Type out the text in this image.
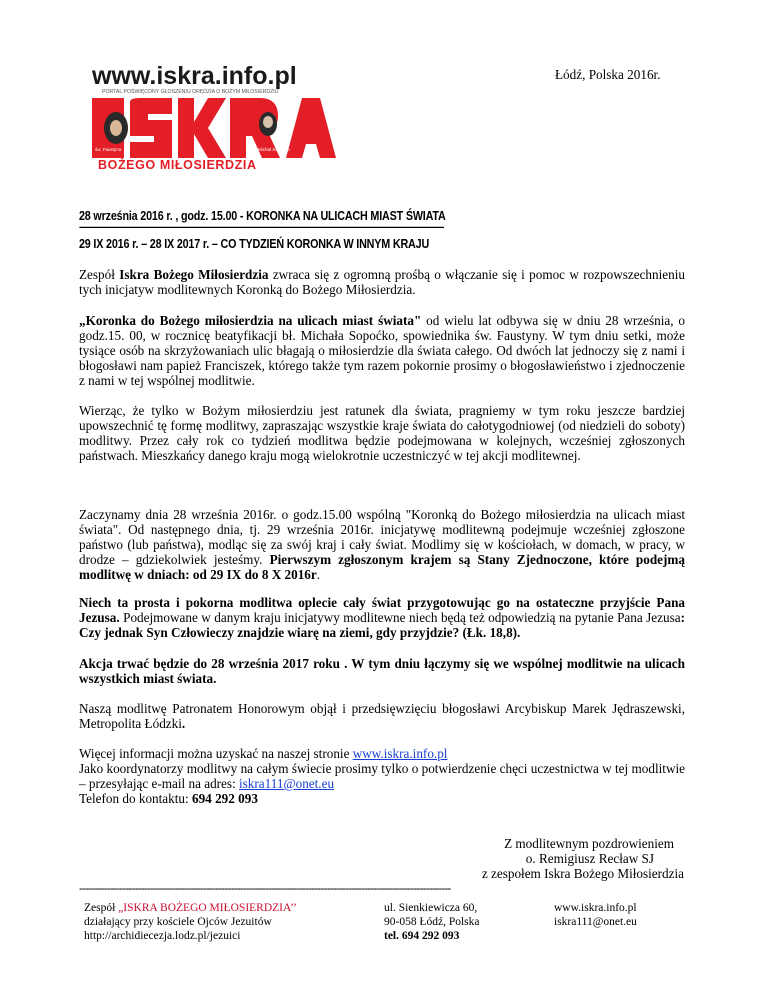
Łódź, Polska 2016r.
www.iskra.info.pl
PORTAL POŚWIĘCONY GŁOSZENIU ORĘDZIA O BOŻYM MIŁOSIERDZIU
św. Faustyna	bł. Michał Sopoćko
BOŻEGO MIŁOSIERDZIA
28 września 2016 r. , godz. 15.00 - KORONKA NA ULICACH MIAST ŚWIATA
---------------------------------------------------------------------------------------------------------------------------------------------------------------------------
29 IX 2016 r. – 28 IX 2017 r. – CO TYDZIEŃ KORONKA W INNYM KRAJU

Zespół Iskra Bożego Miłosierdzia zwraca się z ogromną prośbą o włączanie się i pomoc w rozpowszechnieniu tych inicjatyw modlitewnych Koronką do Bożego Miłosierdzia.

„Koronka do Bożego miłosierdzia na ulicach miast świata" od wielu lat odbywa się w dniu 28 września, o godz.15. 00, w rocznicę beatyfikacji bł. Michała Sopoćko, spowiednika św. Faustyny. W tym dniu setki, może tysiące osób na skrzyżowaniach ulic błagają o miłosierdzie dla świata całego. Od dwóch lat jednoczy się z nami i błogosławi nam papież Franciszek, którego także tym razem pokornie prosimy o błogosławieństwo i zjednoczenie z nami w tej wspólnej modlitwie.

Wierząc, że tylko w Bożym miłosierdziu jest ratunek dla świata, pragniemy w tym roku jeszcze bardziej upowszechnić tę formę modlitwy, zapraszając wszystkie kraje świata do całotygodniowej (od niedzieli do soboty) modlitwy. Przez cały rok co tydzień modlitwa będzie podejmowana w kolejnych, wcześniej zgłoszonych państwach. Mieszkańcy danego kraju mogą wielokrotnie uczestniczyć w tej akcji modlitewnej.

Zaczynamy dnia 28 września 2016r. o godz.15.00 wspólną "Koronką do Bożego miłosierdzia na ulicach miast świata". Od następnego dnia, tj. 29 września 2016r. inicjatywę modlitewną podejmuje wcześniej zgłoszone państwo (lub państwa), modląc się za swój kraj i cały świat. Modlimy się w kościołach, w domach, w pracy, w drodze – gdziekolwiek jesteśmy. Pierwszym zgłoszonym krajem są Stany Zjednoczone, które podejmą modlitwę w dniach: od 29 IX do 8 X 2016r.

Niech ta prosta i pokorna modlitwa oplecie cały świat przygotowując go na ostateczne przyjście Pana Jezusa. Podejmowane w danym kraju inicjatywy modlitewne niech będą też odpowiedzią na pytanie Pana Jezusa: Czy jednak Syn Człowieczy znajdzie wiarę na ziemi, gdy przyjdzie? (Łk. 18,8).

Akcja trwać będzie do 28 września 2017 roku . W tym dniu łączymy się we wspólnej modlitwie na ulicach wszystkich miast świata.

Naszą modlitwę Patronatem Honorowym objął i przedsięwzięciu błogosławi Arcybiskup Marek Jędraszewski, Metropolita Łódzki.

Więcej informacji można uzyskać na naszej stronie www.iskra.info.pl
Jako koordynatorzy modlitwy na całym świecie prosimy tylko o potwierdzenie chęci uczestnictwa w tej modlitwie – przesyłając e-mail na adres: iskra111@onet.eu
Telefon do kontaktu: 694 292 093

Z modlitewnym pozdrowieniem
o. Remigiusz Recław SJ
z zespołem Iskra Bożego Miłosierdzia
------------------------------------------------------------------------------------------------------------------------
Zespół „ISKRA BOŻEGO MIŁOSIERDZIA’’
działający przy kościele Ojców Jezuitów
http://archidiecezja.lodz.pl/jezuici
ul. Sienkiewicza 60,
90-058 Łódź, Polska
tel. 694 292 093
www.iskra.info.pl
iskra111@onet.eu
